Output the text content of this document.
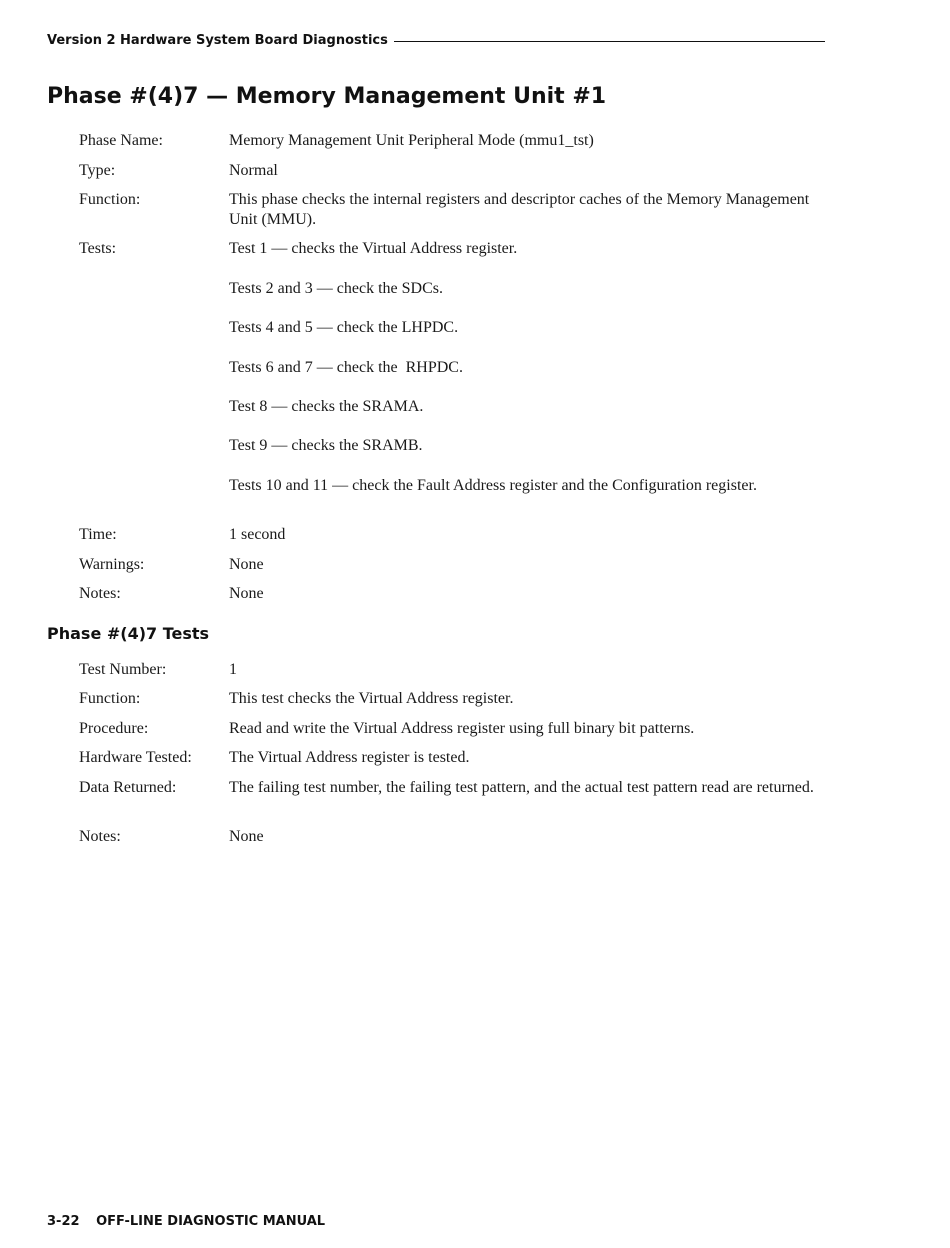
Version 2 Hardware System Board Diagnostics
Phase #(4)7 — Memory Management Unit #1
Phase Name:	Memory Management Unit Peripheral Mode (mmu1_tst)
Type:	Normal
Function:	This phase checks the internal registers and descriptor caches of the Memory Management Unit (MMU).
Tests:	Test 1 — checks the Virtual Address register.
Tests 2 and 3 — check the SDCs.
Tests 4 and 5 — check the LHPDC.
Tests 6 and 7 — check the  RHPDC.
Test 8 — checks the SRAMA.
Test 9 — checks the SRAMB.
Tests 10 and 11 — check the Fault Address register and the Configuration register.
Time:	1 second
Warnings:	None
Notes:	None
Phase #(4)7 Tests
Test Number:	1
Function:	This test checks the Virtual Address register.
Procedure:	Read and write the Virtual Address register using full binary bit patterns.
Hardware Tested:	The Virtual Address register is tested.
Data Returned:	The failing test number, the failing test pattern, and the actual test pattern read are returned.
Notes:	None
3-22 OFF-LINE DIAGNOSTIC MANUAL
